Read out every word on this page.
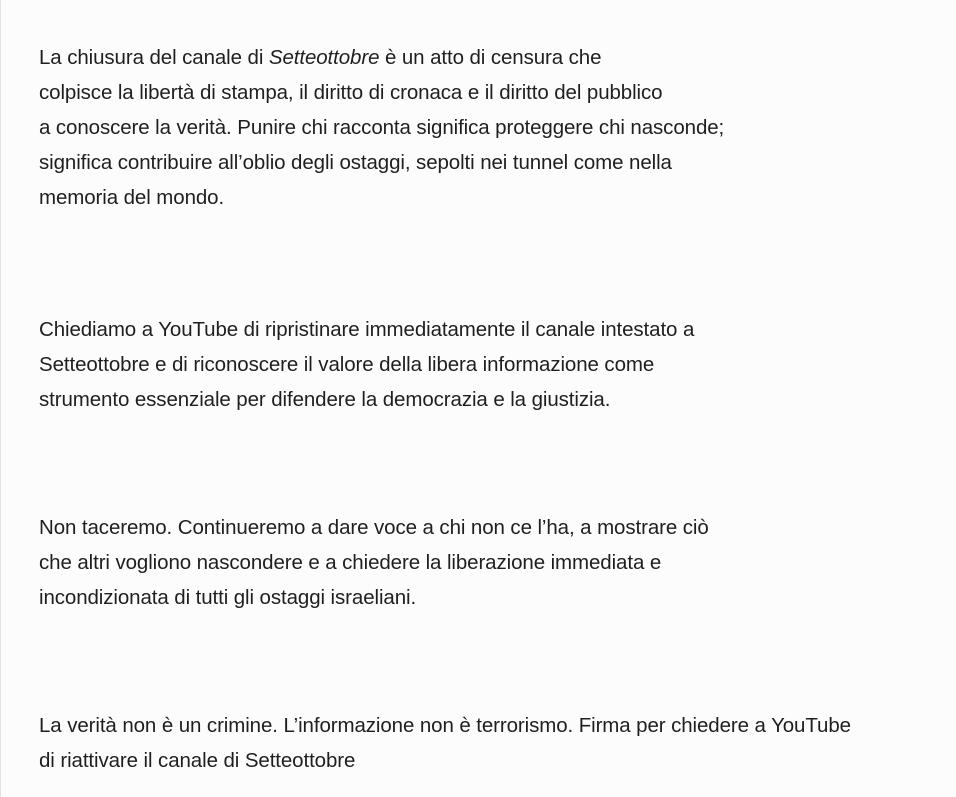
La chiusura del canale di Setteottobre è un atto di censura che
colpisce la libertà di stampa, il diritto di cronaca e il diritto del pubblico
a conoscere la verità. Punire chi racconta significa proteggere chi nasconde;
significa contribuire all’oblio degli ostaggi, sepolti nei tunnel come nella
memoria del mondo.

Chiediamo a YouTube di ripristinare immediatamente il canale intestato a
Setteottobre e di riconoscere il valore della libera informazione come
strumento essenziale per difendere la democrazia e la giustizia.

Non taceremo. Continueremo a dare voce a chi non ce l’ha, a mostrare ciò
che altri vogliono nascondere e a chiedere la liberazione immediata e
incondizionata di tutti gli ostaggi israeliani.

La verità non è un crimine. L’informazione non è terrorismo. Firma per chiedere a YouTube
di riattivare il canale di Setteottobre
